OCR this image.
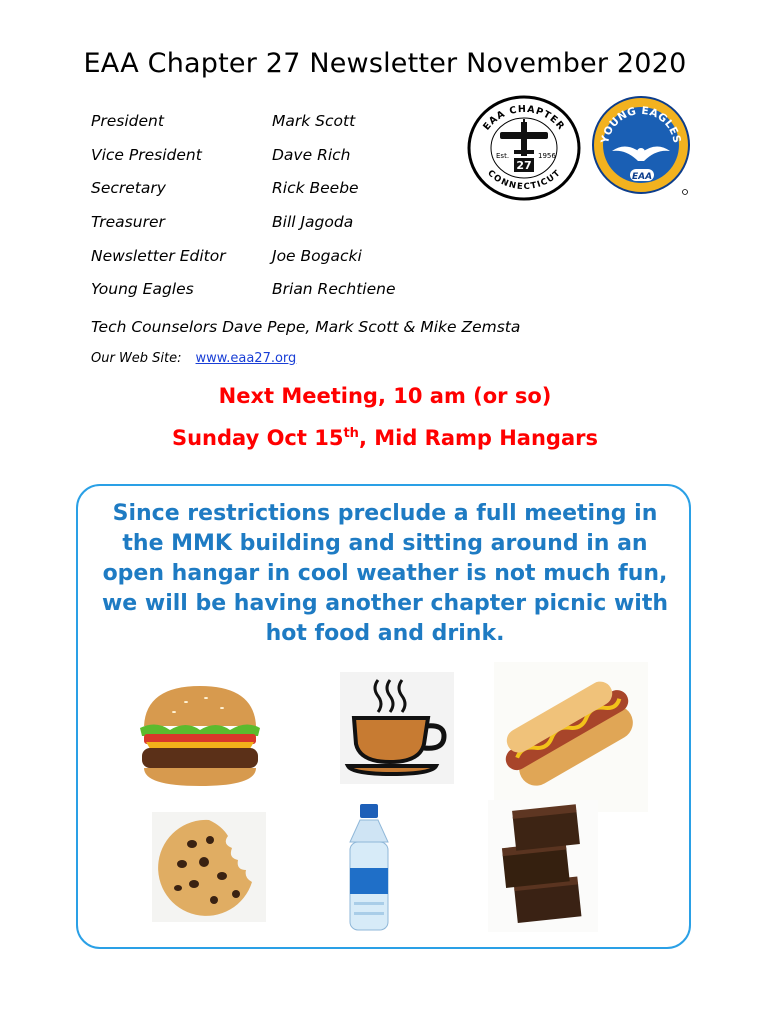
EAA Chapter 27 Newsletter November 2020
President	Mark Scott
Vice President	Dave Rich
Secretary	Rick Beebe
Treasurer	Bill Jagoda
Newsletter Editor	Joe Bogacki
Young Eagles	Brian Rechtiene
Tech Counselors Dave Pepe, Mark Scott & Mike Zemsta
Our Web Site: www.eaa27.org
EAA CHAPTER
CONNECTICUT
Est.	1956
27
YOUNG EAGLES
EAA
Next Meeting, 10 am (or so)
Sunday Oct 15th, Mid Ramp Hangars
Since restrictions preclude a full meeting in the MMK building and sitting around in an open hangar in cool weather is not much fun, we will be having another chapter picnic with hot food and drink.
